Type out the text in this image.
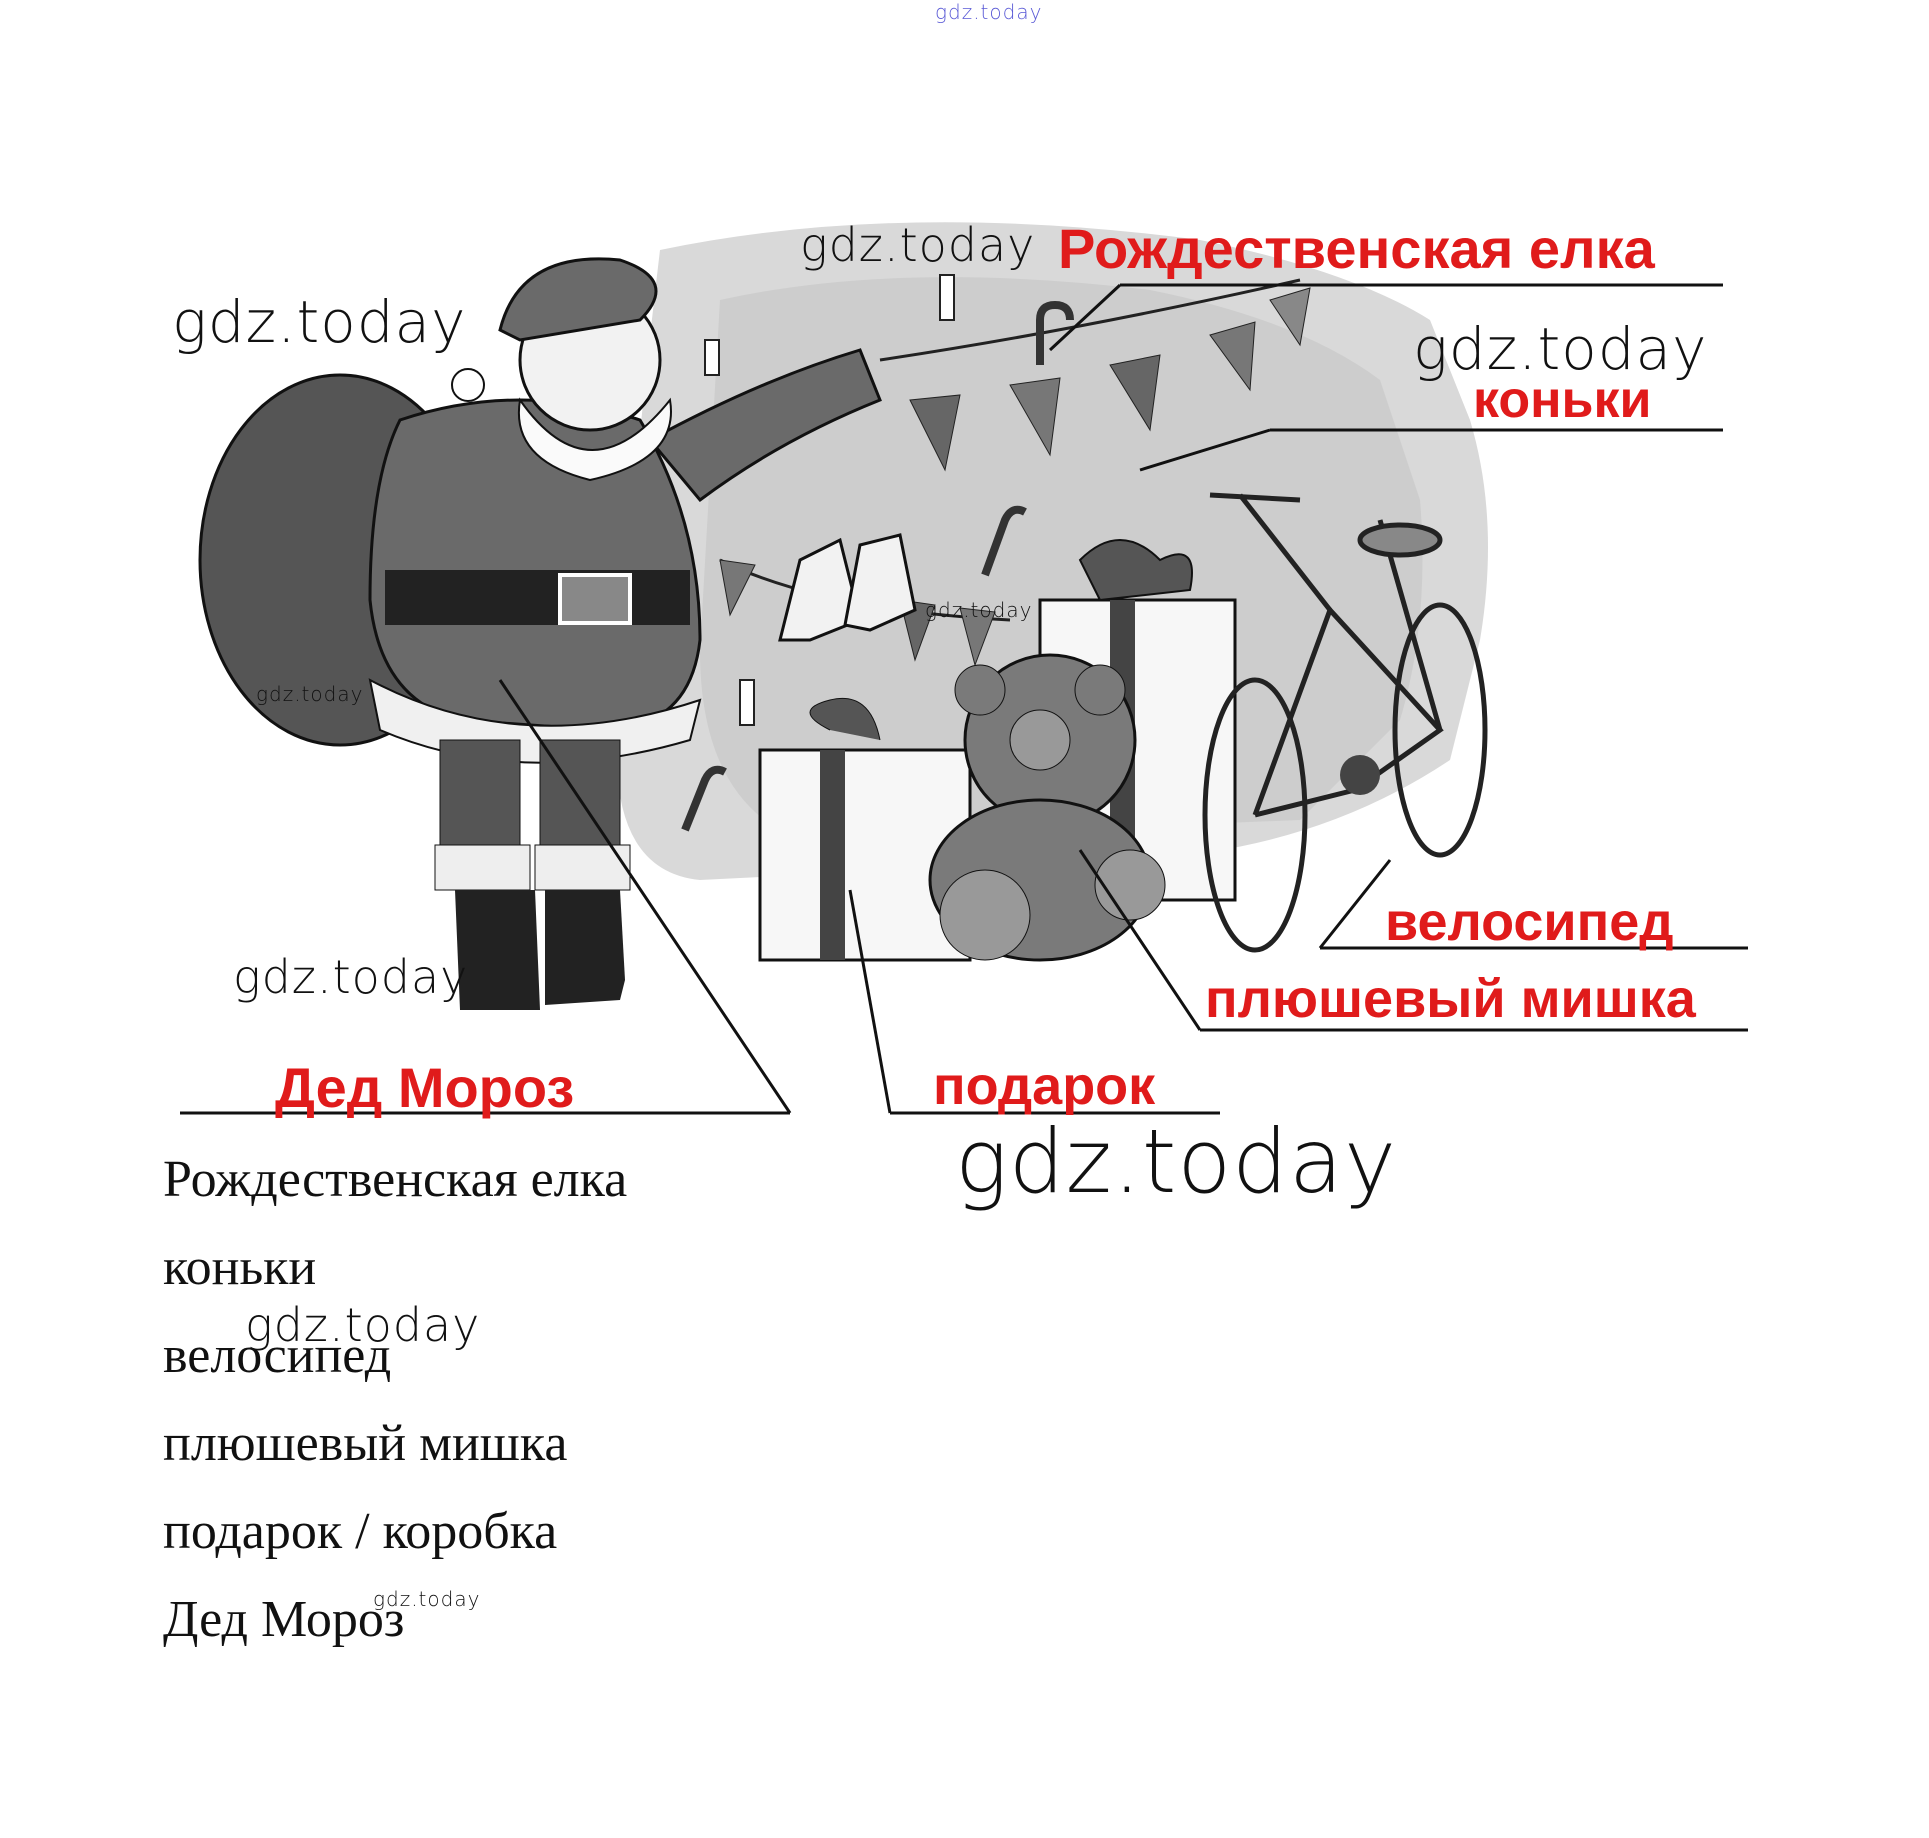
Рождественская елка
коньки
велосипед
плюшевый мишка
подарок
Дед Мороз
Рождественская елка
коньки
велосипед
плюшевый мишка
подарок / коробка
Дед Мороз
gdz.today
gdz.today
gdz.today	gdz.today
gdz.today
gdz.today
gdz.today
gdz.today
gdz.today
gdz.today
